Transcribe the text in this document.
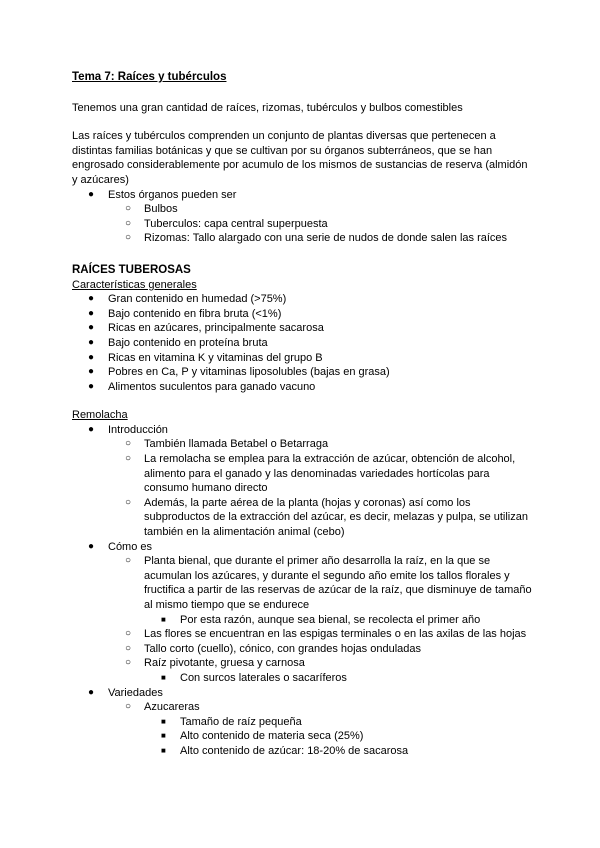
Tema 7: Raíces y tubérculos

Tenemos una gran cantidad de raíces, rizomas, tubérculos y bulbos comestibles

Las raíces y tubérculos comprenden un conjunto de plantas diversas que pertenecen a distintas familias botánicas y que se cultivan por su órganos subterráneos, que se han engrosado considerablemente por acumulo de los mismos de sustancias de reserva (almidón y azúcares)

● Estos órganos pueden ser
○ Bulbos
○ Tuberculos: capa central superpuesta
○ Rizomas: Tallo alargado con una serie de nudos de donde salen las raíces

RAÍCES TUBEROSAS

Características generales

● Gran contenido en humedad (>75%)
● Bajo contenido en fibra bruta (<1%)
● Ricas en azúcares, principalmente sacarosa
● Bajo contenido en proteína bruta
● Ricas en vitamina K y vitaminas del grupo B
● Pobres en Ca, P y vitaminas liposolubles (bajas en grasa)
● Alimentos suculentos para ganado vacuno

Remolacha

● Introducción
○ También llamada Betabel o Betarraga
○ La remolacha se emplea para la extracción de azúcar, obtención de alcohol, alimento para el ganado y las denominadas variedades hortícolas para consumo humano directo
○ Además, la parte aérea de la planta (hojas y coronas) así como los subproductos de la extracción del azúcar, es decir, melazas y pulpa, se utilizan también en la alimentación animal (cebo)
● Cómo es
○ Planta bienal, que durante el primer año desarrolla la raíz, en la que se acumulan los azúcares, y durante el segundo año emite los tallos florales y fructifica a partir de las reservas de azúcar de la raíz, que disminuye de tamaño al mismo tiempo que se endurece
■ Por esta razón, aunque sea bienal, se recolecta el primer año
○ Las flores se encuentran en las espigas terminales o en las axilas de las hojas
○ Tallo corto (cuello), cónico, con grandes hojas onduladas
○ Raíz pivotante, gruesa y carnosa
■ Con surcos laterales o sacaríferos
● Variedades
○ Azucareras
■ Tamaño de raíz pequeña
■ Alto contenido de materia seca (25%)
■ Alto contenido de azúcar: 18-20% de sacarosa
